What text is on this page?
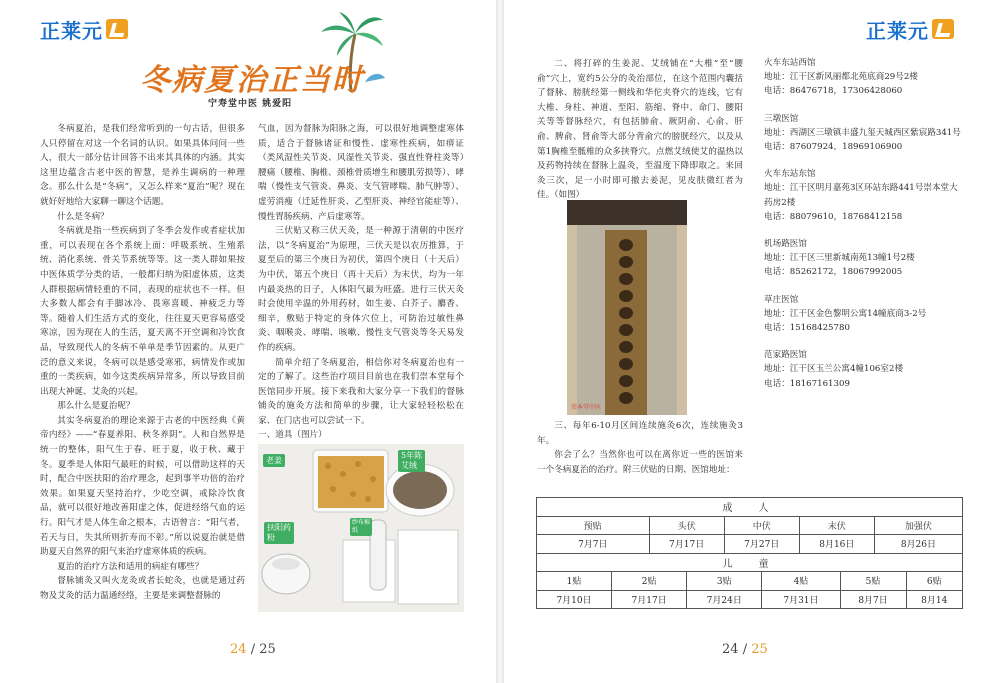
正莱元
冬病夏治正当时
宁寿堂中医 姚爱阳

冬病夏治，是我们经常听到的一句古话，但很多人只停留在对这一个名词的认识。如果具体问问一些人，很大一部分估计回答不出来其具体的内涵。其实这里边蕴含古老中医的智慧，是养生调病的一种理念。那么什么是“冬病”，又怎么样来“夏治”呢？现在就好好地给大家聊一聊这个话题。

什么是冬病？

冬病就是指一些疾病到了冬季会发作或者症状加重，可以表现在各个系统上面：呼吸系统、生殖系统、消化系统、骨关节系统等等。这一类人群如果按中医体质学分类的话，一般都归纳为阳虚体质，这类人群根据病情轻重的不同，表现的症状也不一样。但大多数人都会有手脚冰冷、畏寒喜暖、神疲乏力等等。随着人们生活方式的变化，往往夏天更容易感受寒凉，因为现在人的生活，夏天离不开空调和冷饮食品，导致现代人的冬病不单单是季节因素的。从更广泛的意义来说，冬病可以是感受寒邪，病情发作或加重的一类疾病，如今这类疾病异常多，所以导致目前出现大神诞、艾灸的兴起。

那么什么是夏治呢？

其实冬病夏治的理论来源于古老的中医经典《黄帝内经》——“春夏养阳、秋冬养阴”。人和自然界是统一的整体，阳气生于春、旺于夏，收于秋、藏于冬。夏季是人体阳气最旺的时候，可以借助这样的天时，配合中医扶阳的治疗理念，起到事半功倍的治疗效果。如果夏天坚持治疗，少吃空调，戒除冷饮食品，就可以很好地改善阳虚之体，促进经络气血的运行。阳气才是人体生命之根本，古语曾言：“阳气者，若天与日，失其所则折寿而不彰。”所以说夏治就是借助夏天自然界的阳气来治疗虚寒体质的疾病。

夏治的治疗方法和适用的病症有哪些？

督脉铺灸又叫火龙灸或者长蛇灸，也就是通过药物及艾灸的活力温通经络，主要是来调整督脉的

气血，因为督脉为阳脉之海，可以很好地调整虚寒体质，适合于督脉诸证和慢性、虚寒性疾病，如痹证（类风湿性关节炎、风湿性关节炎、强直性脊柱炎等）腰痛（腰椎、胸椎、颈椎骨质增生和腰肌劳损等）、哮喘（慢性支气管炎、鼻炎、支气管哮喘、肺气肿等）、虚劳消瘦（迁延性肝炎、乙型肝炎、神经官能症等）、慢性胃肠疾病、产后虚寒等。

三伏贴又称三伏天灸，是一种源于清朝的中医疗法，以“冬病夏治”为原理，三伏天是以农历推算，于夏至后的第三个庚日为初伏，第四个庚日（十天后）为中伏，第五个庚日（再十天后）为末伏，均为一年内最炎热的日子，人体阳气最为旺盛。进行三伏天灸时会使用辛温的外用药材，如生姜、白芥子、麝香、细辛，敷贴于特定的身体穴位上，可防治过敏性鼻炎、咽喉炎、哮喘、咳嗽、慢性支气管炎等冬天易发作的疾病。

简单介绍了冬病夏治，相信你对冬病夏治也有一定的了解了。这些治疗项目目前也在我们崇本堂每个医馆同步开展。接下来我和大家分享一下我们的督脉铺灸的施灸方法和简单的步骤，让大家轻轻松松在家、在门店也可以尝试一下。

一、道具（图片）

老姜
5年陈
艾绒
扶阳药
粉
纱布棉
纸
24 / 25
正莱元

二、将打碎的生姜泥、艾绒铺在“大椎”至“腰俞”穴上，宽约5公分的灸治部位，在这个范围内囊括了督脉、膀胱经第一侧线和华佗夹脊穴的连线，它有大椎、身柱、神道、至阳、筋缩、脊中、命门、腰阳关等等督脉经穴，有包括肺俞、厥阴俞、心俞、肝俞、脾俞、肾俞等大部分背俞穴的膀胱经穴，以及从第1胸椎至骶椎的众多挟脊穴。点燃艾绒使艾的温热以及药物持续在督脉上温灸，至温度下降即取之。来回灸三次，足一小时即可撤去姜泥，见皮肤微红者为佳。（如图）

崇本堂中医

三、每年6-10月区间连续施灸6次，连续施灸3年。

你会了么？当然你也可以在离你近一些的医馆来一个冬病夏治的治疗。附三伏贴的日期、医馆地址：

火车东站西馆
地址：江干区新风丽都北苑底商29号2楼
电话：86476718，17306428060
三墩医馆
地址：西湖区三墩镇丰盛九玺天城西区紫宸路341号
电话：87607924，18969106900
火车东站东馆
地址：江干区明月嘉苑3区环站东路441号崇本堂大药房2楼
电话：88079610，18768412158
机场路医馆
地址：江干区三里新城南苑13幢1号2楼
电话：85262172，18067992005
草庄医馆
地址：江干区金色黎明公寓14幢底商3-2号
电话：15168425780
范家路医馆
地址：江干区玉兰公寓4幢106室2楼
电话：18167161309
成　人									
预贴		头伏		中伏		末伏		加强伏	
7月7日		7月17日		7月27日		8月16日		8月26日	
儿　童									
1贴	2贴		3贴		4贴		5贴		6贴
7月10日	7月17日		7月24日		7月31日		8月7日		8月14
24 / 25
